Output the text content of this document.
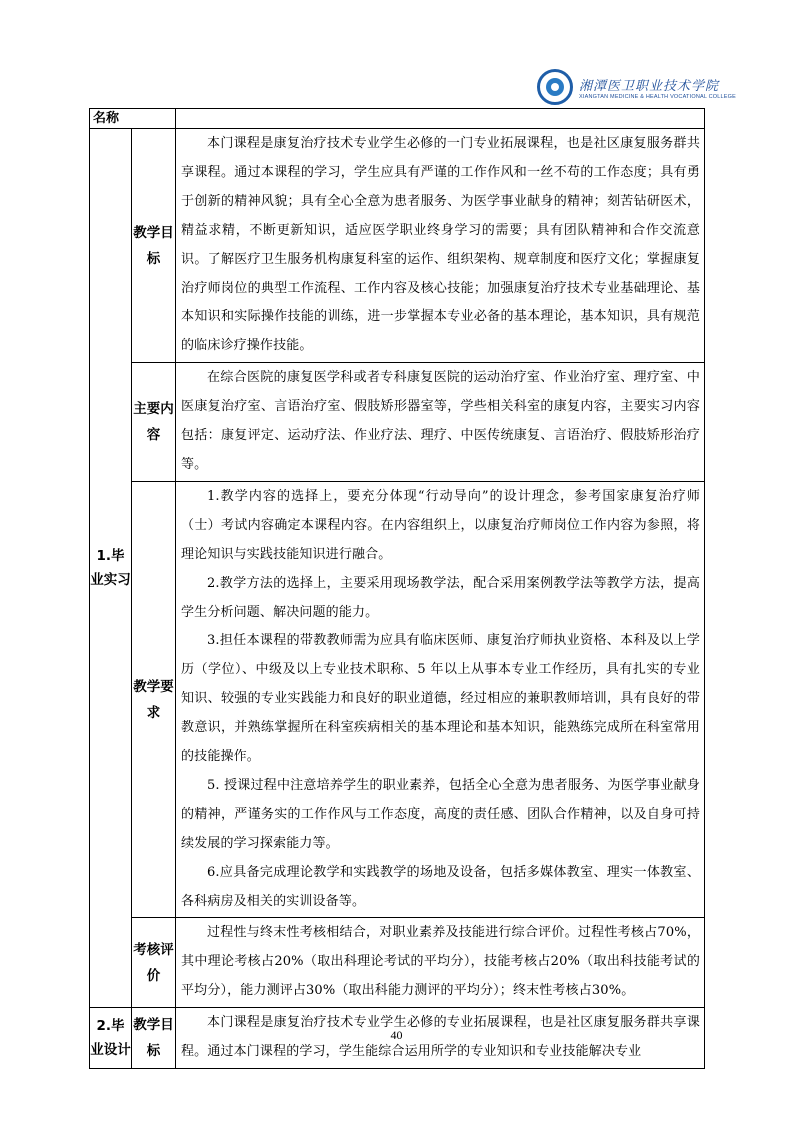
湘潭医卫职业技术学院
XIANGTAN MEDICINE & HEALTH VOCATIONAL COLLEGE
名称		
1.毕业实习	教学目标	本门课程是康复治疗技术专业学生必修的一门专业拓展课程，也是社区康复服务群共享课程。通过本课程的学习，学生应具有严谨的工作作风和一丝不苟的工作态度；具有勇于创新的精神风貌；具有全心全意为患者服务、为医学事业献身的精神；刻苦钻研医术，精益求精，不断更新知识，适应医学职业终身学习的需要；具有团队精神和合作交流意识。了解医疗卫生服务机构康复科室的运作、组织架构、规章制度和医疗文化；掌握康复治疗师岗位的典型工作流程、工作内容及核心技能；加强康复治疗技术专业基础理论、基本知识和实际操作技能的训练，进一步掌握本专业必备的基本理论，基本知识，具有规范的临床诊疗操作技能。

	主要内容	在综合医院的康复医学科或者专科康复医院的运动治疗室、作业治疗室、理疗室、中医康复治疗室、言语治疗室、假肢矫形器室等，学些相关科室的康复内容，主要实习内容包括：康复评定、运动疗法、作业疗法、理疗、中医传统康复、言语治疗、假肢矫形治疗等。

	教学要求	1.教学内容的选择上，要充分体现“行动导向”的设计理念，参考国家康复治疗师（士）考试内容确定本课程内容。在内容组织上，以康复治疗师岗位工作内容为参照，将理论知识与实践技能知识进行融合。

2.教学方法的选择上，主要采用现场教学法，配合采用案例教学法等教学方法，提高学生分析问题、解决问题的能力。

3.担任本课程的带教教师需为应具有临床医师、康复治疗师执业资格、本科及以上学历（学位）、中级及以上专业技术职称、5 年以上从事本专业工作经历，具有扎实的专业知识、较强的专业实践能力和良好的职业道德，经过相应的兼职教师培训，具有良好的带教意识，并熟练掌握所在科室疾病相关的基本理论和基本知识，能熟练完成所在科室常用的技能操作。

5. 授课过程中注意培养学生的职业素养，包括全心全意为患者服务、为医学事业献身的精神，严谨务实的工作作风与工作态度，高度的责任感、团队合作精神，以及自身可持续发展的学习探索能力等。

6.应具备完成理论教学和实践教学的场地及设备，包括多媒体教室、理实一体教室、各科病房及相关的实训设备等。

	考核评价	过程性与终末性考核相结合，对职业素养及技能进行综合评价。过程性考核占70%，其中理论考核占20%（取出科理论考试的平均分），技能考核占20%（取出科技能考试的平均分），能力测评占30%（取出科能力测评的平均分）；终末性考核占30%。

2.毕业设计	教学目标	本门课程是康复治疗技术专业学生必修的专业拓展课程，也是社区康复服务群共享课程。通过本门课程的学习，学生能综合运用所学的专业知识和专业技能解决专业

40
